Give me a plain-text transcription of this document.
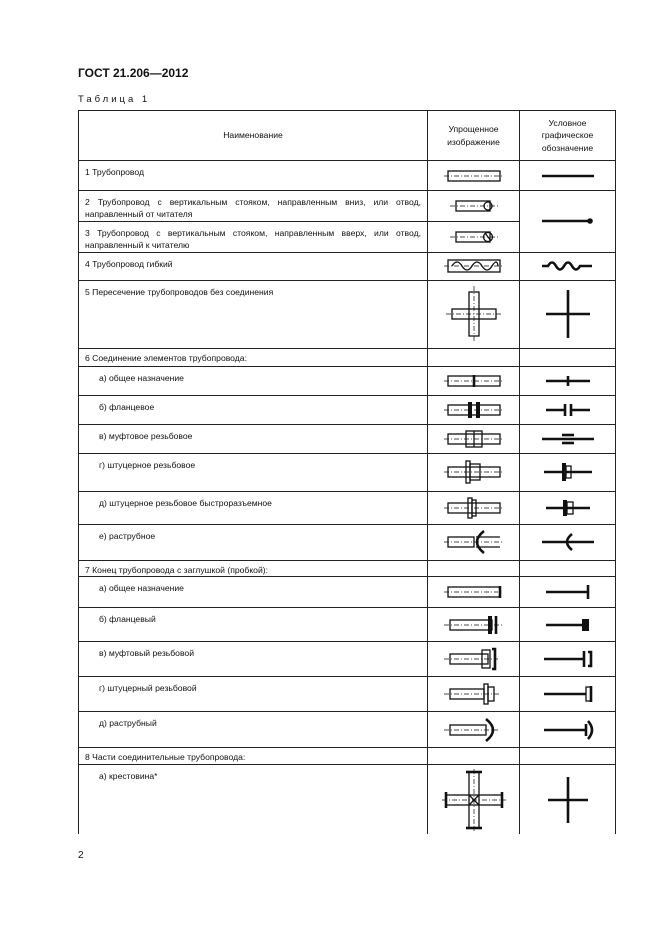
ГОСТ 21.206—2012
Таблица 1
Наименование	Упрощенное изображение	Условное графическое обозначение
1 Трубопровод	

2 Трубопровод с вертикальным стояком, направленным вниз, или отвод, направленный от читателя	

3 Трубопровод с вертикальным стояком, направленным вверх, или отвод, направленный к читателю	

4 Трубопровод гибкий	

5 Пересечение трубопроводов без соединения	

6 Соединение элементов трубопровода:		
а) общее назначение	

б) фланцевое	

в) муфтовое резьбовое	

г) штуцерное резьбовое	

д) штуцерное резьбовое быстроразъемное	

е) раструбное	

7 Конец трубопровода с заглушкой (пробкой):		
а) общее назначение	

б) фланцевый	

в) муфтовый резьбовой	

г) штуцерный резьбовой	

д) раструбный	

8 Части соединительные трубопровода:		
а) крестовина*	

2
